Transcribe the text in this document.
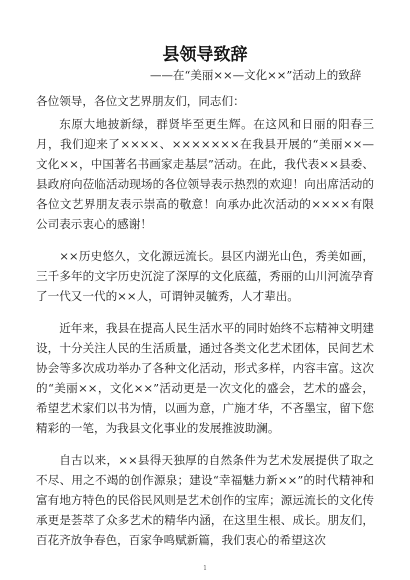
县领导致辞
——在“美丽××—文化××”活动上的致辞

各位领导，各位文艺界朋友们，同志们：

东原大地披新绿，群贤毕至更生辉。在这风和日丽的阳春三月，我们迎来了××××、×××××××在我县开展的“美丽××—文化××，中国著名书画家走基层”活动。在此，我代表××县委、县政府向莅临活动现场的各位领导表示热烈的欢迎！向出席活动的各位文艺界朋友表示崇高的敬意！向承办此次活动的××××有限公司表示衷心的感谢！

××历史悠久，文化源远流长。县区内湖光山色，秀美如画，三千多年的文字历史沉淀了深厚的文化底蕴，秀丽的山川河流孕育了一代又一代的××人，可谓钟灵毓秀，人才辈出。

近年来，我县在提高人民生活水平的同时始终不忘精神文明建设，十分关注人民的生活质量，通过各类文化艺术团体，民间艺术协会等多次成功举办了各种文化活动，形式多样，内容丰富。这次的“美丽××，文化××”活动更是一次文化的盛会，艺术的盛会，希望艺术家们以书为情，以画为意，广施才华，不吝墨宝，留下您精彩的一笔，为我县文化事业的发展推波助澜。

自古以来，××县得天独厚的自然条件为艺术发展提供了取之不尽、用之不竭的创作源泉；建设“幸福魅力新××”的时代精神和富有地方特色的民俗民风则是艺术创作的宝库；源远流长的文化传承更是荟萃了众多艺术的精华内涵，在这里生根、成长。朋友们，百花齐放争春色，百家争鸣赋新篇，我们衷心的希望这次

1
